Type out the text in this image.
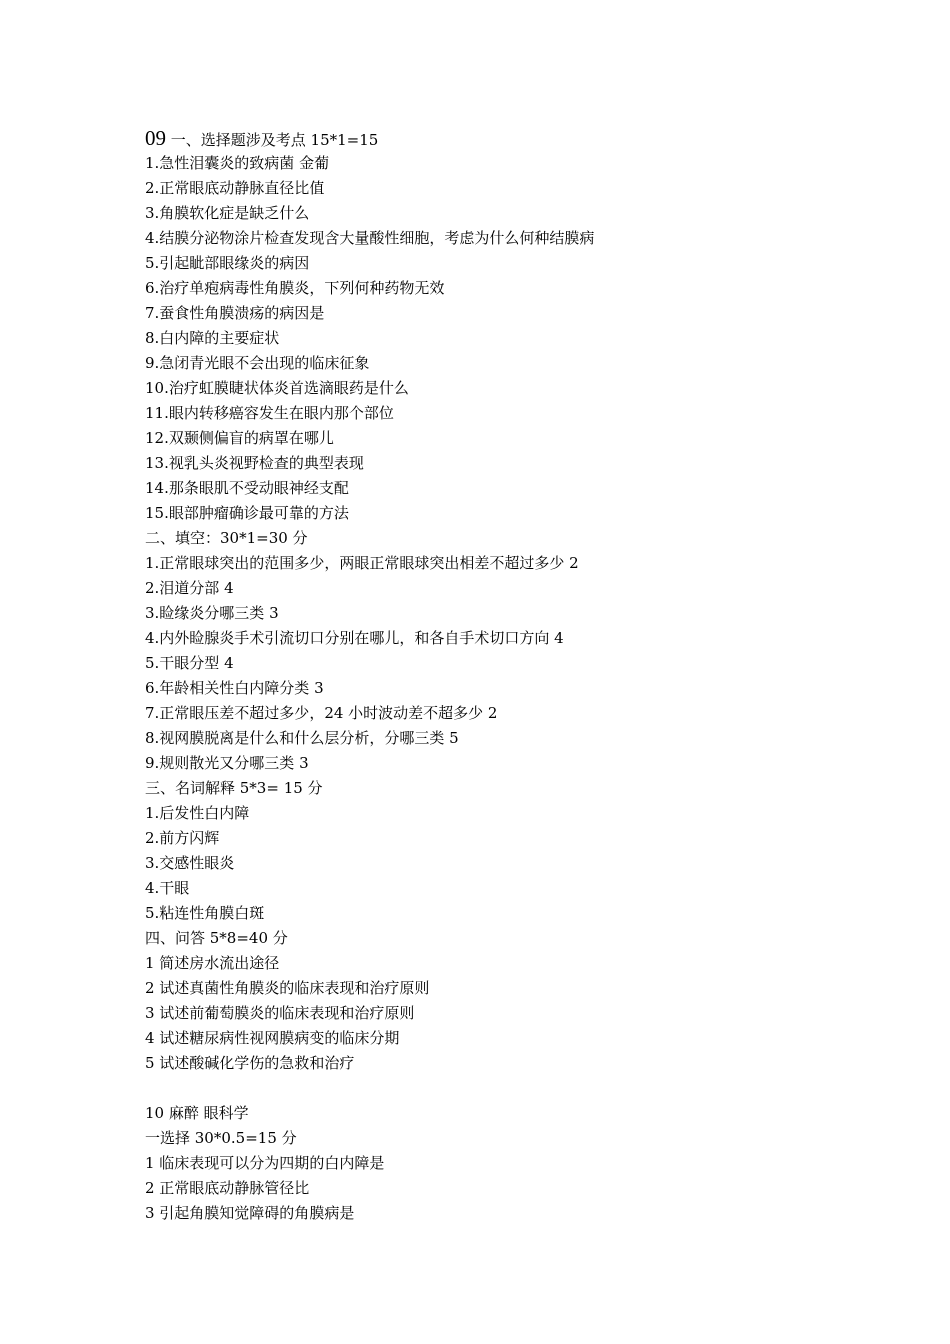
09 一、选择题涉及考点 15*1=15
1.急性泪囊炎的致病菌 金葡
2.正常眼底动静脉直径比值
3.角膜软化症是缺乏什么
4.结膜分泌物涂片检查发现含大量酸性细胞，考虑为什么何种结膜病
5.引起眦部眼缘炎的病因
6.治疗单疱病毒性角膜炎，下列何种药物无效
7.蚕食性角膜溃疡的病因是
8.白内障的主要症状
9.急闭青光眼不会出现的临床征象
10.治疗虹膜睫状体炎首选滴眼药是什么
11.眼内转移癌容发生在眼内那个部位
12.双颞侧偏盲的病罩在哪儿
13.视乳头炎视野检查的典型表现
14.那条眼肌不受动眼神经支配
15.眼部肿瘤确诊最可靠的方法
二、填空：30*1=30 分
1.正常眼球突出的范围多少，两眼正常眼球突出相差不超过多少 2
2.泪道分部 4
3.睑缘炎分哪三类 3
4.内外睑腺炎手术引流切口分别在哪儿，和各自手术切口方向 4
5.干眼分型 4
6.年龄相关性白内障分类 3
7.正常眼压差不超过多少，24 小时波动差不超多少 2
8.视网膜脱离是什么和什么层分析，分哪三类 5
9.规则散光又分哪三类 3
三、名词解释 5*3= 15 分
1.后发性白内障
2.前方闪辉
3.交感性眼炎
4.干眼
5.粘连性角膜白斑
四、问答 5*8=40 分
1 简述房水流出途径
2 试述真菌性角膜炎的临床表现和治疗原则
3 试述前葡萄膜炎的临床表现和治疗原则
4 试述糖尿病性视网膜病变的临床分期
5 试述酸碱化学伤的急救和治疗
10 麻醉 眼科学
一选择 30*0.5=15 分
1 临床表现可以分为四期的白内障是
2 正常眼底动静脉管径比
3 引起角膜知觉障碍的角膜病是
